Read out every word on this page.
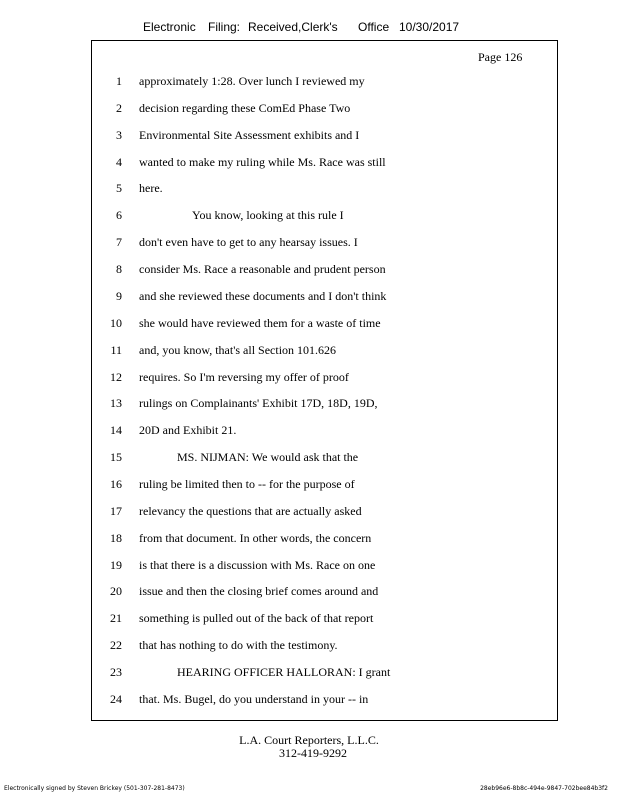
Electronic Filing: Received,Clerk's Office 10/30/2017
Page 126
1 approximately 1:28. Over lunch I reviewed my
2 decision regarding these ComEd Phase Two
3 Environmental Site Assessment exhibits and I
4 wanted to make my ruling while Ms. Race was still
5 here.
6	You know, looking at this rule I
7 don't even have to get to any hearsay issues. I
8 consider Ms. Race a reasonable and prudent person
9 and she reviewed these documents and I don't think
10 she would have reviewed them for a waste of time
11 and, you know, that's all Section 101.626
12 requires. So I'm reversing my offer of proof
13 rulings on Complainants' Exhibit 17D, 18D, 19D,
14 20D and Exhibit 21.
15	MS. NIJMAN: We would ask that the
16 ruling be limited then to -- for the purpose of
17 relevancy the questions that are actually asked
18 from that document. In other words, the concern
19 is that there is a discussion with Ms. Race on one
20 issue and then the closing brief comes around and
21 something is pulled out of the back of that report
22 that has nothing to do with the testimony.
23	HEARING OFFICER HALLORAN: I grant
24 that. Ms. Bugel, do you understand in your -- in
L.A. Court Reporters, L.L.C.
312-419-9292
Electronically signed by Steven Brickey (501-307-281-8473)	28eb96e6-8b8c-494e-9847-702bee84b3f2
